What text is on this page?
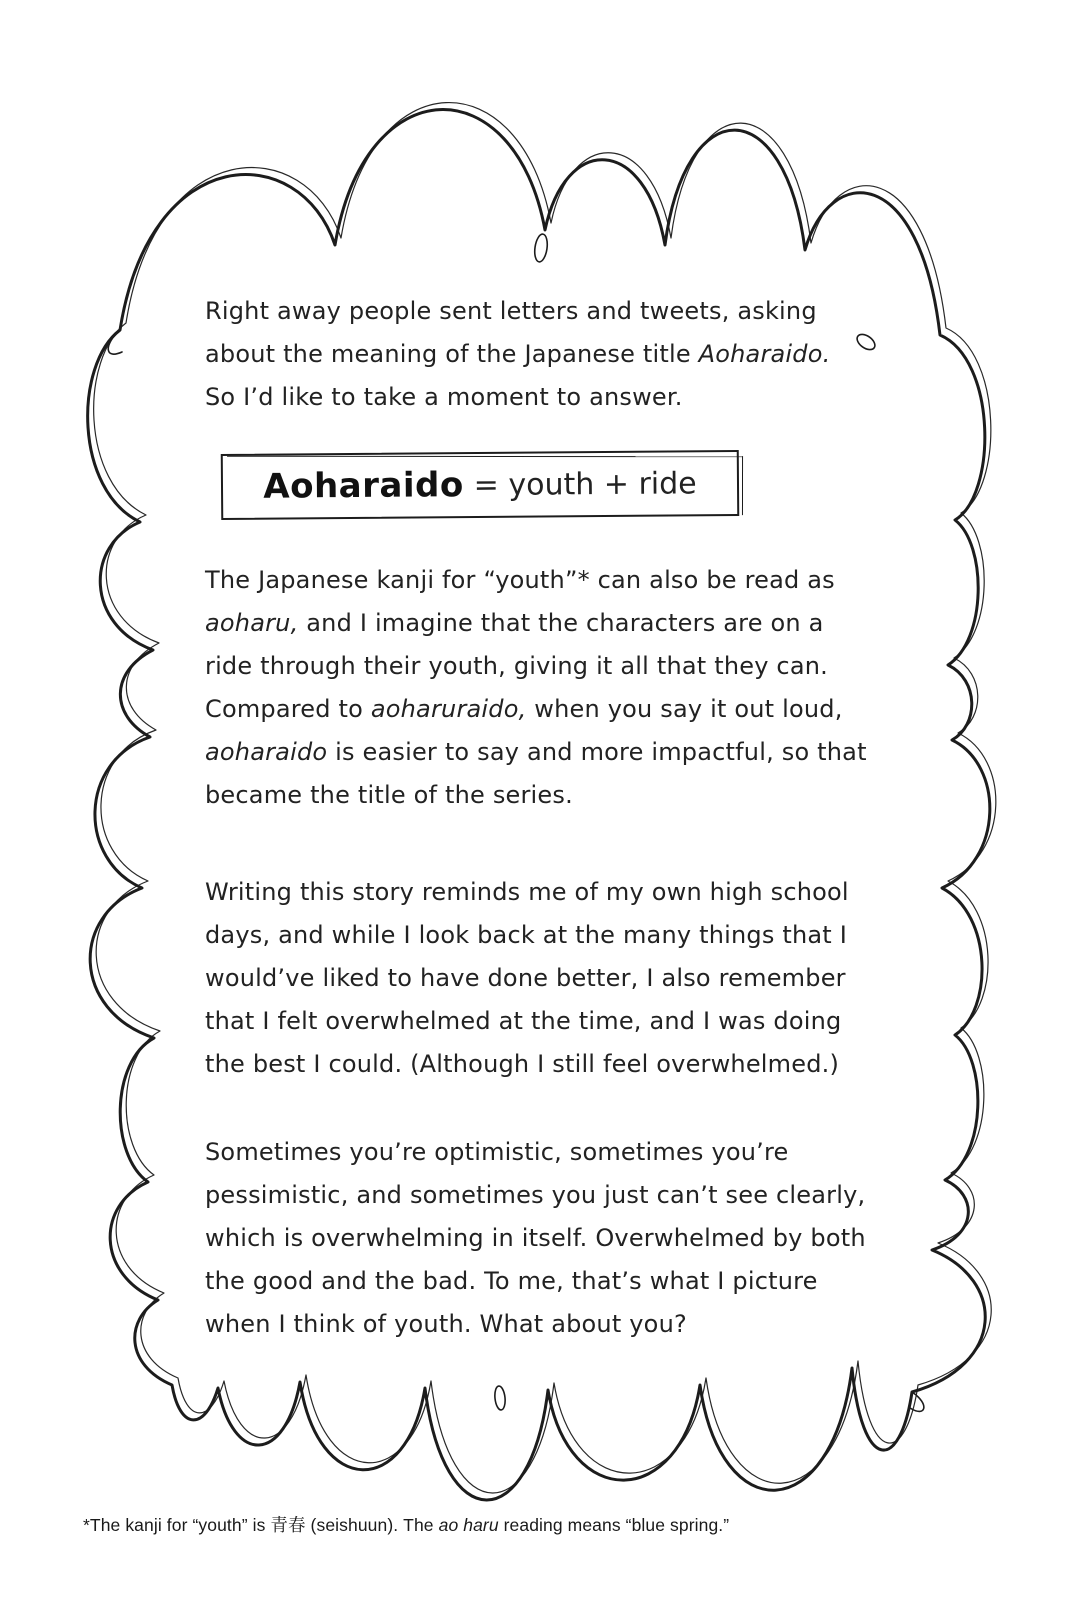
Right away people sent letters and tweets, asking
about the meaning of the Japanese title Aoharaido.
So I’d like to take a moment to answer.
Aoharaido = youth + ride
The Japanese kanji for “youth”* can also be read as
aoharu, and I imagine that the characters are on a
ride through their youth, giving it all that they can.
Compared to aoharuraido, when you say it out loud,
aoharaido is easier to say and more impactful, so that
became the title of the series.
Writing this story reminds me of my own high school
days, and while I look back at the many things that I
would’ve liked to have done better, I also remember
that I felt overwhelmed at the time, and I was doing
the best I could. (Although I still feel overwhelmed.)
Sometimes you’re optimistic, sometimes you’re
pessimistic, and sometimes you just can’t see clearly,
which is overwhelming in itself. Overwhelmed by both
the good and the bad. To me, that’s what I picture
when I think of youth. What about you?
*The kanji for “youth” is 青春 (seishuun). The ao haru reading means “blue spring.”
